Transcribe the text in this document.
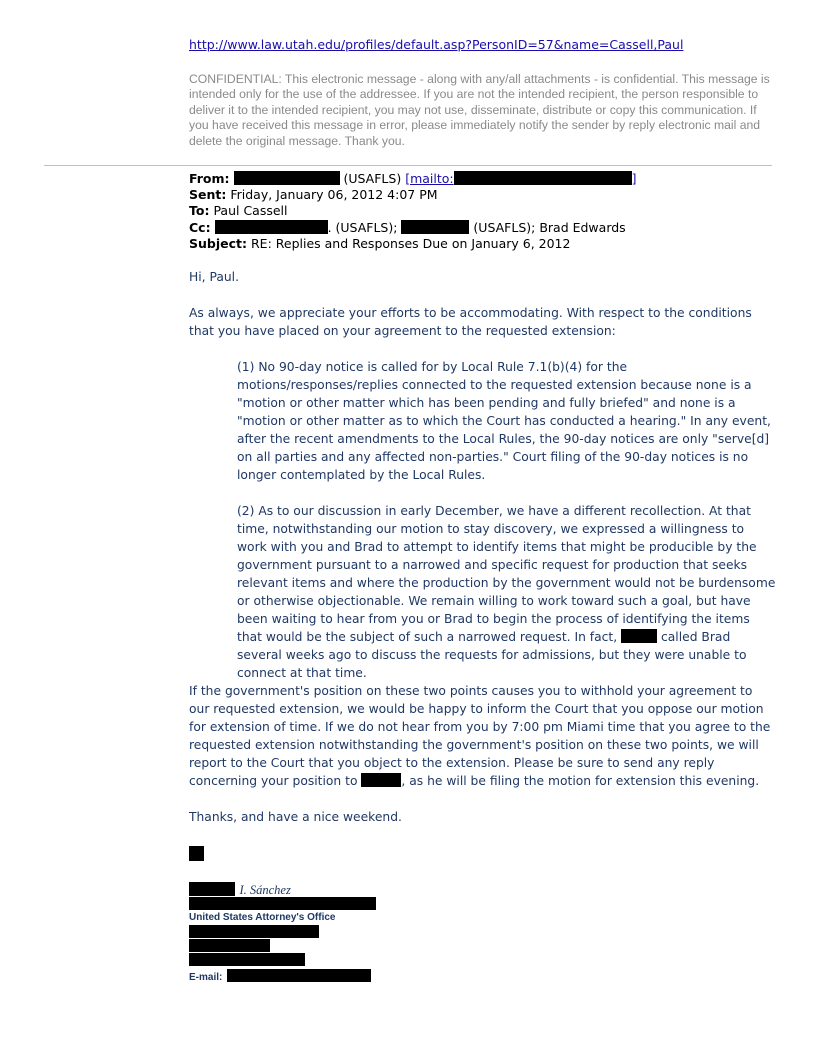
http://www.law.utah.edu/profiles/default.asp?PersonID=57&name=Cassell,Paul
CONFIDENTIAL: This electronic message - along with any/all attachments - is confidential. This message is intended only for the use of the addressee. If you are not the intended recipient, the person responsible to deliver it to the intended recipient, you may not use, disseminate, distribute or copy this communication. If you have received this message in error, please immediately notify the sender by reply electronic mail and delete the original message. Thank you.
From:	(USAFLS) [mailto:	]
Sent: Friday, January 06, 2012 4:07 PM
To: Paul Cassell
Cc:	. (USAFLS);	(USAFLS); Brad Edwards
Subject: RE: Replies and Responses Due on January 6, 2012
Hi, Paul.
As always, we appreciate your efforts to be accommodating. With respect to the conditions that you have placed on your agreement to the requested extension:
(1) No 90-day notice is called for by Local Rule 7.1(b)(4) for the motions/responses/replies connected to the requested extension because none is a "motion or other matter which has been pending and fully briefed" and none is a "motion or other matter as to which the Court has conducted a hearing." In any event, after the recent amendments to the Local Rules, the 90-day notices are only "serve[d] on all parties and any affected non-parties." Court filing of the 90-day notices is no longer contemplated by the Local Rules.
(2) As to our discussion in early December, we have a different recollection. At that time, notwithstanding our motion to stay discovery, we expressed a willingness to work with you and Brad to attempt to identify items that might be producible by the government pursuant to a narrowed and specific request for production that seeks relevant items and where the production by the government would not be burdensome or otherwise objectionable. We remain willing to work toward such a goal, but have been waiting to hear from you or Brad to begin the process of identifying the items that would be the subject of such a narrowed request. In fact,	called Brad several weeks ago to discuss the requests for admissions, but they were unable to connect at that time.
If the government's position on these two points causes you to withhold your agreement to our requested extension, we would be happy to inform the Court that you oppose our motion for extension of time. If we do not hear from you by 7:00 pm Miami time that you agree to the requested extension notwithstanding the government's position on these two points, we will report to the Court that you object to the extension. Please be sure to send any reply concerning your position to	, as he will be filing the motion for extension this evening.
Thanks, and have a nice weekend.
I. Sánchez
United States Attorney's Office
E-mail:
